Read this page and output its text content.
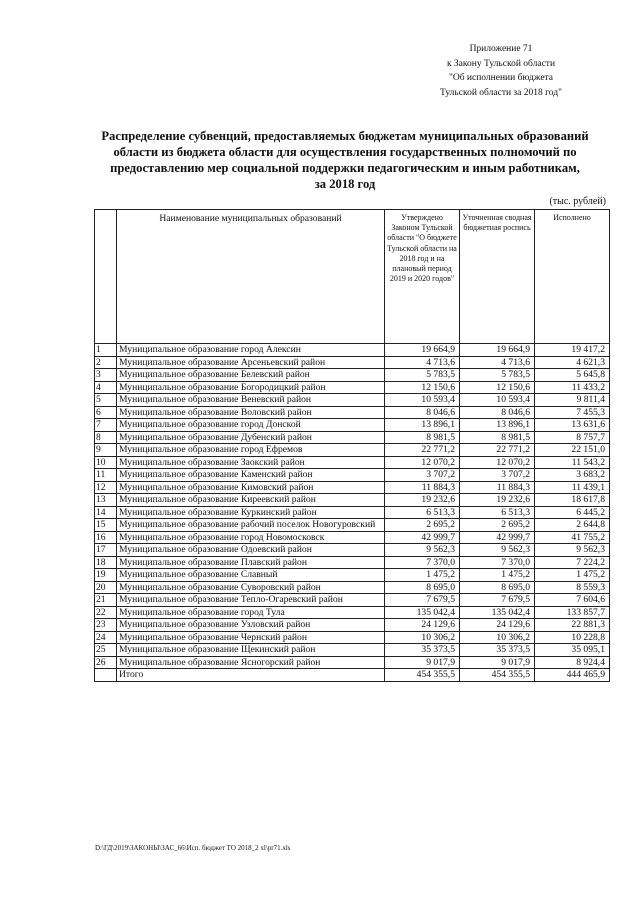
Приложение 71
к Закону Тульской области
"Об исполнении бюджета
Тульской области за 2018 год"
Распределение субвенций, предоставляемых бюджетам муниципальных образований
области из бюджета области для осуществления государственных полномочий по
предоставлению мер социальной поддержки педагогическим и иным работникам,
за 2018 год
(тыс. рублей)
	Наименование муниципальных образований	Утверждено Законом Тульской области "О бюджете Тульской области на 2018 год и на плановый период 2019 и 2020 годов"	Уточненная сводная бюджетная роспись	Исполнено
1	Муниципальное образование город Алексин	19 664,9	19 664,9	19 417,2
2	Муниципальное образование Арсеньевский район	4 713,6	4 713,6	4 621,3
3	Муниципальное образование Белевский район	5 783,5	5 783,5	5 645,8
4	Муниципальное образование Богородицкий район	12 150,6	12 150,6	11 433,2
5	Муниципальное образование Веневский район	10 593,4	10 593,4	9 811,4
6	Муниципальное образование Воловский район	8 046,6	8 046,6	7 455,3
7	Муниципальное образование город Донской	13 896,1	13 896,1	13 631,6
8	Муниципальное образование Дубенский район	8 981,5	8 981,5	8 757,7
9	Муниципальное образование город Ефремов	22 771,2	22 771,2	22 151,0
10	Муниципальное образование Заокский район	12 070,2	12 070,2	11 543,2
11	Муниципальное образование Каменский район	3 707,2	3 707,2	3 683,2
12	Муниципальное образование Кимовский район	11 884,3	11 884,3	11 439,1
13	Муниципальное образование Киреевский район	19 232,6	19 232,6	18 617,8
14	Муниципальное образование Куркинский район	6 513,3	6 513,3	6 445,2
15	Муниципальное образование рабочий поселок Новогуровский	2 695,2	2 695,2	2 644,8
16	Муниципальное образование город Новомосковск	42 999,7	42 999,7	41 755,2
17	Муниципальное образование Одоевский район	9 562,3	9 562,3	9 562,3
18	Муниципальное образование Плавский район	7 370,0	7 370,0	7 224,2
19	Муниципальное образование Славный	1 475,2	1 475,2	1 475,2
20	Муниципальное образование Суворовский район	8 695,0	8 695,0	8 559,3
21	Муниципальное образование Тепло-Огаревский район	7 679,5	7 679,5	7 604,6
22	Муниципальное образование город Тула	135 042,4	135 042,4	133 857,7
23	Муниципальное образование Узловский район	24 129,6	24 129,6	22 881,3
24	Муниципальное образование Чернский район	10 306,2	10 306,2	10 228,8
25	Муниципальное образование Щекинский район	35 373,5	35 373,5	35 095,1
26	Муниципальное образование Ясногорский район	9 017,9	9 017,9	8 924,4
	Итого	454 355,5	454 355,5	444 465,9
D:\ГД\2019\ЗАКОНЫ\ЗАС_66\Исп. бюджет ТО 2018_2 xl\pr71.xls
